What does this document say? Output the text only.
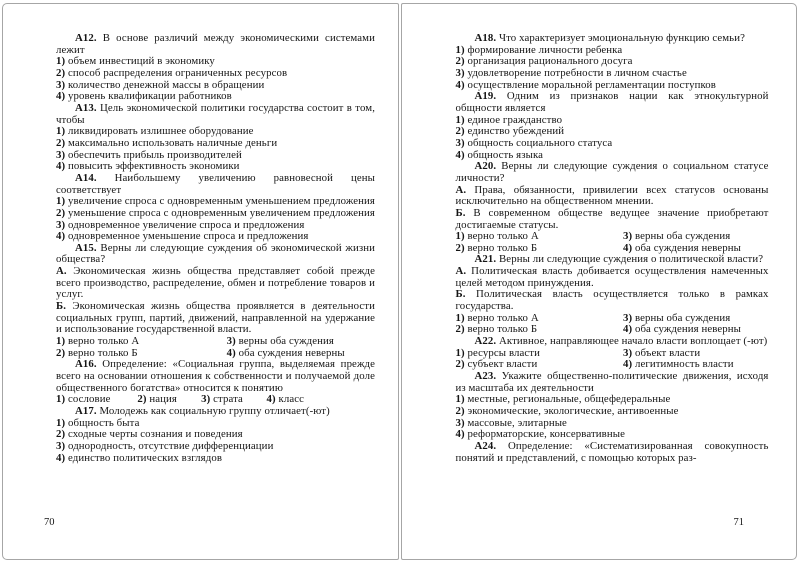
А12. В основе различий между экономическими системами лежит

1) объем инвестиций в экономику

2) способ распределения ограниченных ресурсов

3) количество денежной массы в обращении

4) уровень квалификации работников

А13. Цель экономической политики государства состоит в том, чтобы

1) ликвидировать излишнее оборудование

2) максимально использовать наличные деньги

3) обеспечить прибыль производителей

4) повысить эффективность экономики

А14. Наибольшему увеличению равновесной цены соответствует

1) увеличение спроса с одновременным уменьшением предложения

2) уменьшение спроса с одновременным увеличением предложения

3) одновременное увеличение спроса и предложения

4) одновременное уменьшение спроса и предложения

А15. Верны ли следующие суждения об экономической жизни общества?

А. Экономическая жизнь общества представляет собой прежде всего производство, распределение, обмен и потребление товаров и услуг.

Б. Экономическая жизнь общества проявляется в деятельности социальных групп, партий, движений, направленной на удержание и использование государственной власти.

1) верно только А	3) верны оба суждения

2) верно только Б	4) оба суждения неверны

А16. Определение: «Социальная группа, выделяемая прежде всего на основании отношения к собственности и получаемой доле общественного богатства» относится к понятию

1) сословие	2) нация	3) страта	4) класс

А17. Молодежь как социальную группу отличает(-ют)

1) общность быта

2) сходные черты сознания и поведения

3) однородность, отсутствие дифференциации

4) единство политических взглядов

70

А18. Что характеризует эмоциональную функцию семьи?

1) формирование личности ребенка

2) организация рационального досуга

3) удовлетворение потребности в личном счастье

4) осуществление моральной регламентации поступков

А19. Одним из признаков нации как этнокультурной общности является

1) единое гражданство

2) единство убеждений

3) общность социального статуса

4) общность языка

А20. Верны ли следующие суждения о социальном статусе личности?

А. Права, обязанности, привилегии всех статусов основаны исключительно на общественном мнении.

Б. В современном обществе ведущее значение приобретают достигаемые статусы.

1) верно только А	3) верны оба суждения

2) верно только Б	4) оба суждения неверны

А21. Верны ли следующие суждения о политической власти?

А. Политическая власть добивается осуществления намеченных целей методом принуждения.

Б. Политическая власть осуществляется только в рамках государства.

1) верно только А	3) верны оба суждения

2) верно только Б	4) оба суждения неверны

А22. Активное, направляющее начало власти воплощает (-ют)

1) ресурсы власти	3) объект власти

2) субъект власти	4) легитимность власти

А23. Укажите общественно-политические движения, исходя из масштаба их деятельности

1) местные, региональные, общефедеральные

2) экономические, экологические, антивоенные

3) массовые, элитарные

4) реформаторские, консервативные

А24. Определение: «Систематизированная совокупность понятий и представлений, с помощью которых раз-

71
